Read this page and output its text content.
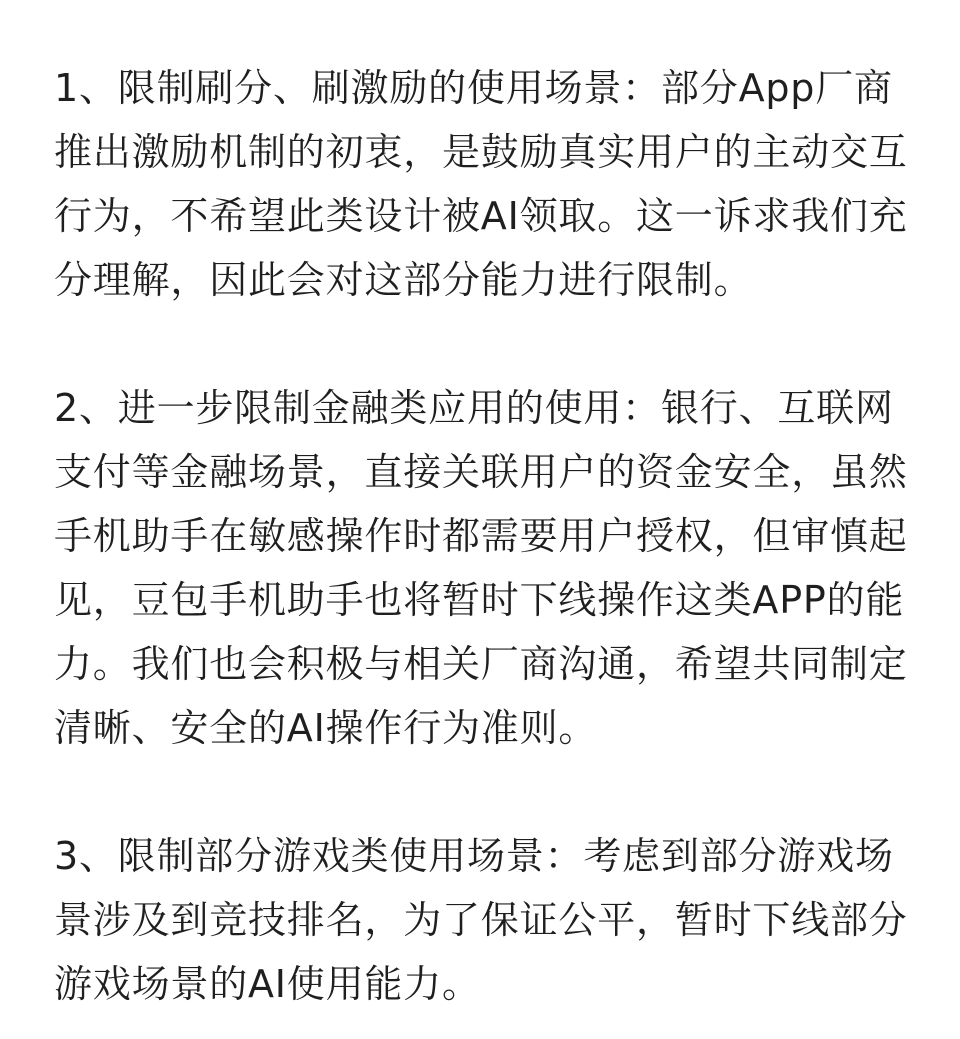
1、限制刷分、刷激励的使用场景：部分App厂商推出激励机制的初衷，是鼓励真实用户的主动交互行为，不希望此类设计被AI领取。这一诉求我们充分理解，因此会对这部分能力进行限制。

2、进一步限制金融类应用的使用：银行、互联网支付等金融场景，直接关联用户的资金安全，虽然手机助手在敏感操作时都需要用户授权，但审慎起见，豆包手机助手也将暂时下线操作这类APP的能力。我们也会积极与相关厂商沟通，希望共同制定清晰、安全的AI操作行为准则。

3、限制部分游戏类使用场景：考虑到部分游戏场景涉及到竞技排名，为了保证公平，暂时下线部分游戏场景的AI使用能力。
